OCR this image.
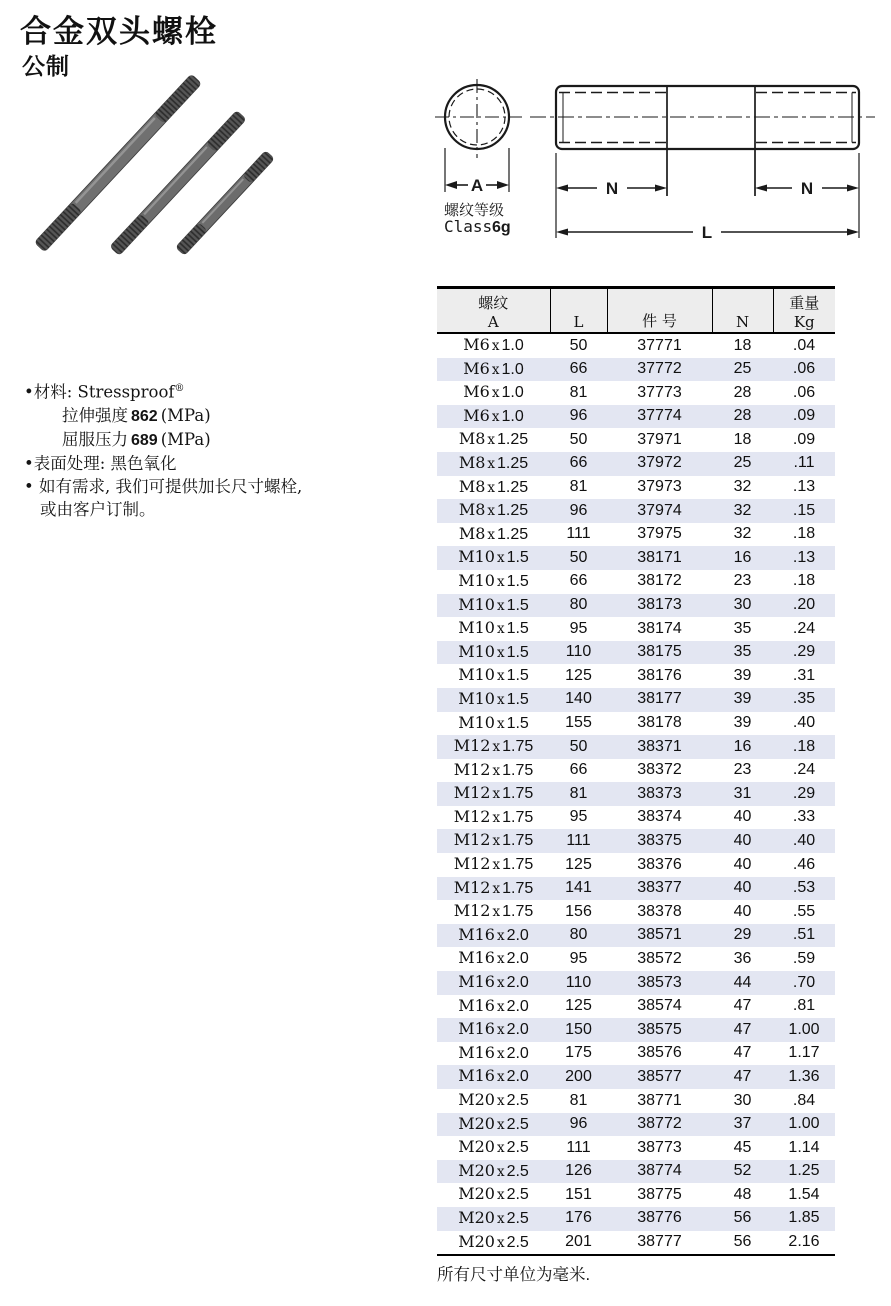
合金双头螺栓
公制
A	N	N
L
螺纹等级
Class 6g
•材料: Stressproof®
拉伸强度 862 (MPa)
屈服压力 689 (MPa)
•表面处理: 黑色氧化
• 如有需求, 我们可提供加长尺寸螺栓,
或由客户订制。
螺纹
A	L	件 号	N

重量
Kg

M6 x 1.0	50	37771	18	.04
M6 x 1.0	66	37772	25	.06
M6 x 1.0	81	37773	28	.06
M6 x 1.0	96	37774	28	.09
M8 x 1.25	50	37971	18	.09
M8 x 1.25	66	37972	25	.11
M8 x 1.25	81	37973	32	.13
M8 x 1.25	96	37974	32	.15
M8 x 1.25	111	37975	32	.18
M10 x 1.5	50	38171	16	.13
M10 x 1.5	66	38172	23	.18
M10 x 1.5	80	38173	30	.20
M10 x 1.5	95	38174	35	.24
M10 x 1.5	110	38175	35	.29
M10 x 1.5	125	38176	39	.31
M10 x 1.5	140	38177	39	.35
M10 x 1.5	155	38178	39	.40
M12 x 1.75	50	38371	16	.18
M12 x 1.75	66	38372	23	.24
M12 x 1.75	81	38373	31	.29
M12 x 1.75	95	38374	40	.33
M12 x 1.75	111	38375	40	.40
M12 x 1.75	125	38376	40	.46
M12 x 1.75	141	38377	40	.53
M12 x 1.75	156	38378	40	.55
M16 x 2.0	80	38571	29	.51
M16 x 2.0	95	38572	36	.59
M16 x 2.0	110	38573	44	.70
M16 x 2.0	125	38574	47	.81
M16 x 2.0	150	38575	47	1.00
M16 x 2.0	175	38576	47	1.17
M16 x 2.0	200	38577	47	1.36
M20 x 2.5	81	38771	30	.84
M20 x 2.5	96	38772	37	1.00
M20 x 2.5	111	38773	45	1.14
M20 x 2.5	126	38774	52	1.25
M20 x 2.5	151	38775	48	1.54
M20 x 2.5	176	38776	56	1.85
M20 x 2.5	201	38777	56	2.16
所有尺寸单位为毫米.
